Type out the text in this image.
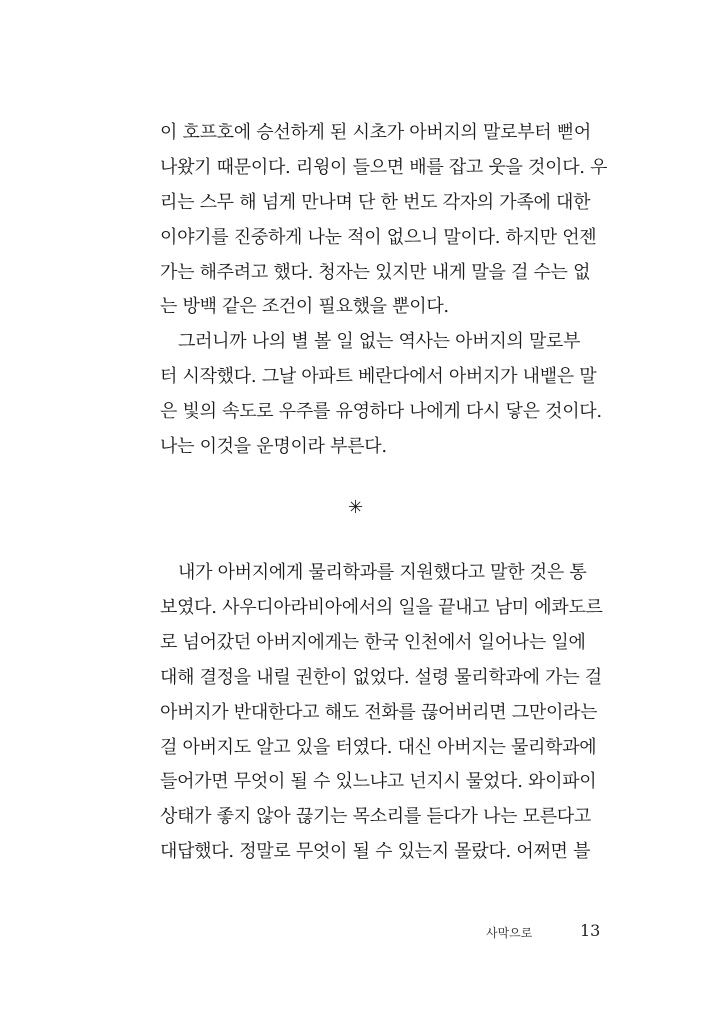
이 호프호에 승선하게 된 시초가 아버지의 말로부터 뻗어
나왔기 때문이다. 리윙이 들으면 배를 잡고 웃을 것이다. 우
리는 스무 해 넘게 만나며 단 한 번도 각자의 가족에 대한
이야기를 진중하게 나눈 적이 없으니 말이다. 하지만 언젠
가는 해주려고 했다. 청자는 있지만 내게 말을 걸 수는 없
는 방백 같은 조건이 필요했을 뿐이다.
그러니까 나의 별 볼 일 없는 역사는 아버지의 말로부
터 시작했다. 그날 아파트 베란다에서 아버지가 내뱉은 말
은 빛의 속도로 우주를 유영하다 나에게 다시 닿은 것이다.
나는 이것을 운명이라 부른다.
✳
내가 아버지에게 물리학과를 지원했다고 말한 것은 통
보였다. 사우디아라비아에서의 일을 끝내고 남미 에콰도르
로 넘어갔던 아버지에게는 한국 인천에서 일어나는 일에
대해 결정을 내릴 권한이 없었다. 설령 물리학과에 가는 걸
아버지가 반대한다고 해도 전화를 끊어버리면 그만이라는
걸 아버지도 알고 있을 터였다. 대신 아버지는 물리학과에
들어가면 무엇이 될 수 있느냐고 넌지시 물었다. 와이파이
상태가 좋지 않아 끊기는 목소리를 듣다가 나는 모른다고
대답했다. 정말로 무엇이 될 수 있는지 몰랐다. 어쩌면 블
사막으로	13
